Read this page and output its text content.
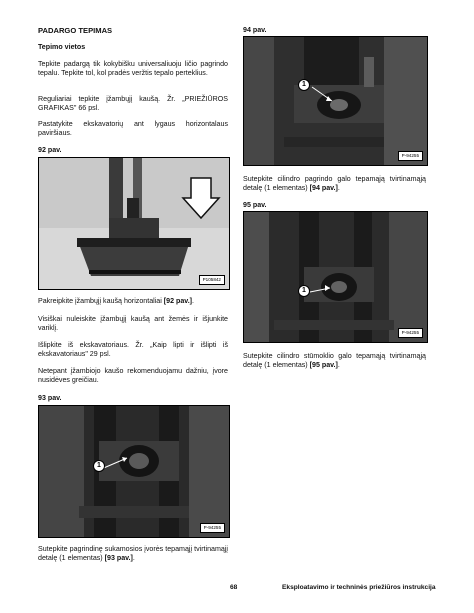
PADARGO TEPIMAS
Tepimo vietos

Tepkite padargą tik kokybišku universaliuoju ličio pagrindo tepalu. Tepkite tol, kol pradės veržtis tepalo perteklius.

Reguliariai tepkite įžambųjį kaušą. Žr. „PRIEŽIŪROS GRAFIKAS" 66 psl.

Pastatykite ekskavatorių ant lygaus horizontalaus paviršiaus.

92 pav.
P105842

Pakreipkite įžambųjį kaušą horizontaliai [92 pav.].

Visiškai nuleiskite įžambųjį kaušą ant žemės ir išjunkite variklį.

Išlipkite iš ekskavatoriaus. Žr. „Kaip lipti ir išlipti iš ekskavatoriaus" 29 psl.

Netepant įžambiojo kaušo rekomenduojamu dažniu, įvore nusidėves greičiau.

93 pav.
1
P-94255

Sutepkite pagrindinę sukamosios įvorės tepamąjį tvirtinamąjį detalę (1 elementas) [93 pav.].

94 pav.
1
P-94255

Sutepkite cilindro pagrindo galo tepamąją tvirtinamąją detalę (1 elementas) [94 pav.].

95 pav.
1
P-94255

Sutepkite cilindro stūmoklio galo tepamąją tvirtinamąją detalę (1 elementas) [95 pav.].

68	Eksploatavimo ir techninės priežiūros instrukcija
